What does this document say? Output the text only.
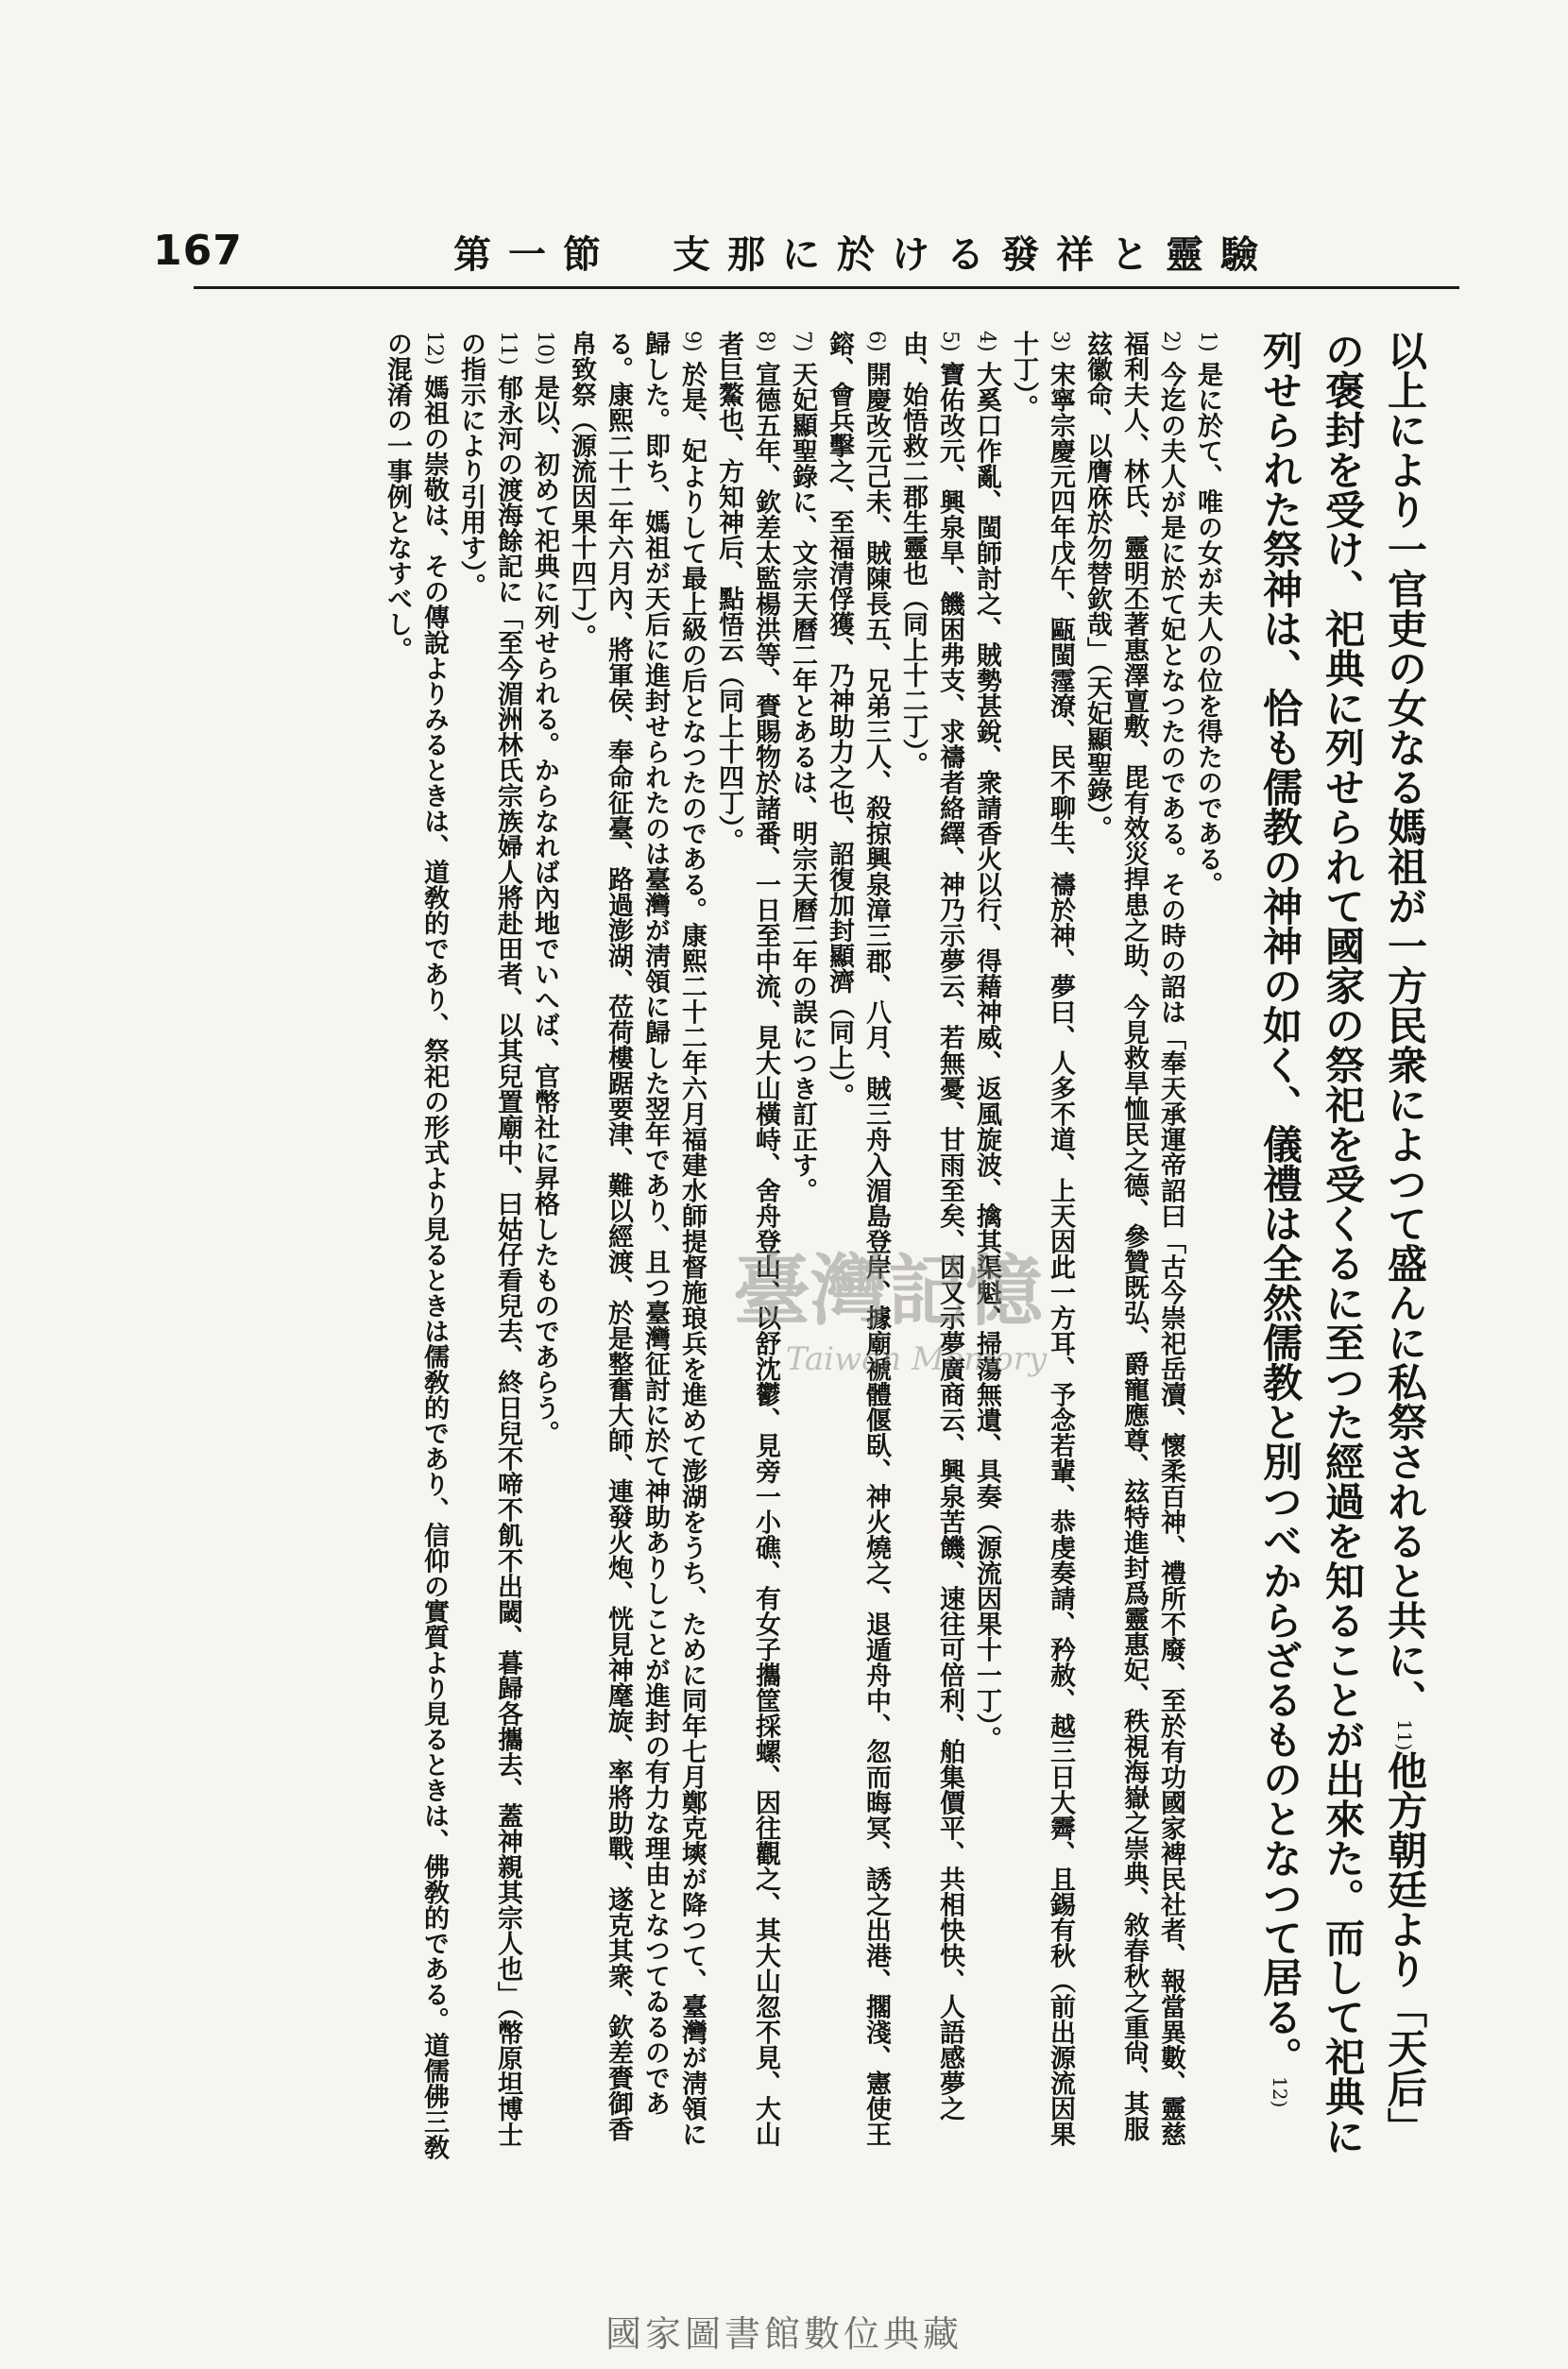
167	第一節　支那に於ける發祥と靈驗
以上により一官吏の女なる媽祖が一方民衆によつて盛んに私祭されると共に、11)他方朝廷より「天后」の褒封を受け、祀典に列せられて國家の祭祀を受くるに至つた經過を知ることが出來た。而して祀典に列せられた祭神は、恰も儒教の神神の如く、儀禮は全然儒教と別つべからざるものとなつて居る。12)
1)是に於て、唯の女が夫人の位を得たのである。
2)今迄の夫人が是に於て妃となつたのである。その時の詔は「奉天承運帝詔曰「古今崇祀岳瀆、懷柔百神、禮所不廢、至於有功國家裨民社者、報當異數、靈慈福利夫人、林氏、靈明丕著惠澤亶敷、毘有效災捍患之助、今見救旱恤民之德、參贊既弘、爵寵應尊、玆特進封爲靈惠妃、秩視海嶽之崇典、敘春秋之重尙、其服玆徽命、以膺庥於勿替欽哉」（天妃顯聖錄）。
3)宋寧宗慶元四年戊午、甌閩霪潦、民不聊生、禱於神、夢曰、人多不道、上天因此一方耳、予念若輩、恭虔奏請、矜赦、越三日大霽、且錫有秋（前出源流因果十丁）。
4)大奚口作亂、閩師討之、賊勢甚銳、衆請香火以行、得藉神威、返風旋波、擒其渠魁、掃蕩無遺、具奏（源流因果十一丁）。
5)寶佑改元、興泉旱、饑困弗支、求禱者絡繹、神乃示夢云、若無憂、甘雨至矣、因又示夢廣商云、興泉苦饑、速往可倍利、舶集價平、共相快快、人語感夢之由、始悟救二郡生靈也（同上十二丁）。
6)開慶改元己未、賊陳長五、兄弟三人、殺掠興泉漳三郡、八月、賊三舟入湄島登岸、據廟褫體偃臥、神火燒之、退遁舟中、忽而晦冥、誘之出港、擱淺、憲使王鎔、會兵擊之、至福清俘獲、乃神助力之也、詔復加封顯濟（同上）。
7)天妃顯聖錄に、文宗天曆二年とあるは、明宗天曆二年の誤につき訂正す。
8)宣德五年、欽差太監楊洪等、賚賜物於諸番、一日至中流、見大山橫峙、舍舟登山、以舒沈鬱、見旁一小礁、有女子攜筐採螺、因往觀之、其大山忽不見、大山者巨鰲也、方知神后、點悟云（同上十四丁）。
9)於是、妃よりして最上級の后となつたのである。康熙二十二年六月福建水師提督施琅兵を進めて澎湖をうち、ために同年七月鄭克塽が降つて、臺灣が淸領に歸した。即ち、媽祖が天后に進封せられたのは臺灣が淸領に歸した翌年であり、且つ臺灣征討に於て神助ありしことが進封の有力な理由となつてゐるのである。康熙二十二年六月內、將軍侯、奉命征臺、路過澎湖、莅荷樓踞要津、難以經渡、於是整奮大師、連發火炮、恍見神麾旋、率將助戰、遂克其衆、欽差賚御香帛致祭（源流因果十四丁）。
10)是以、初めて祀典に列せられる。からなれば內地でいへば、官幣社に昇格したものであらう。
11)郁永河の渡海餘記に「至今湄洲林氏宗族婦人將赴田者、以其兒置廟中、曰姑仔看兒去、終日兒不啼不飢不出閾、暮歸各攜去、蓋神親其宗人也」（幣原坦博士の指示により引用す）。
12)媽祖の崇敬は、その傳說よりみるときは、道敎的であり、祭祀の形式より見るときは儒敎的であり、信仰の實質より見るときは、佛敎的である。道儒佛三敎の混淆の一事例となすべし。
臺灣記憶
Taiwan Memory
國家圖書館數位典藏
